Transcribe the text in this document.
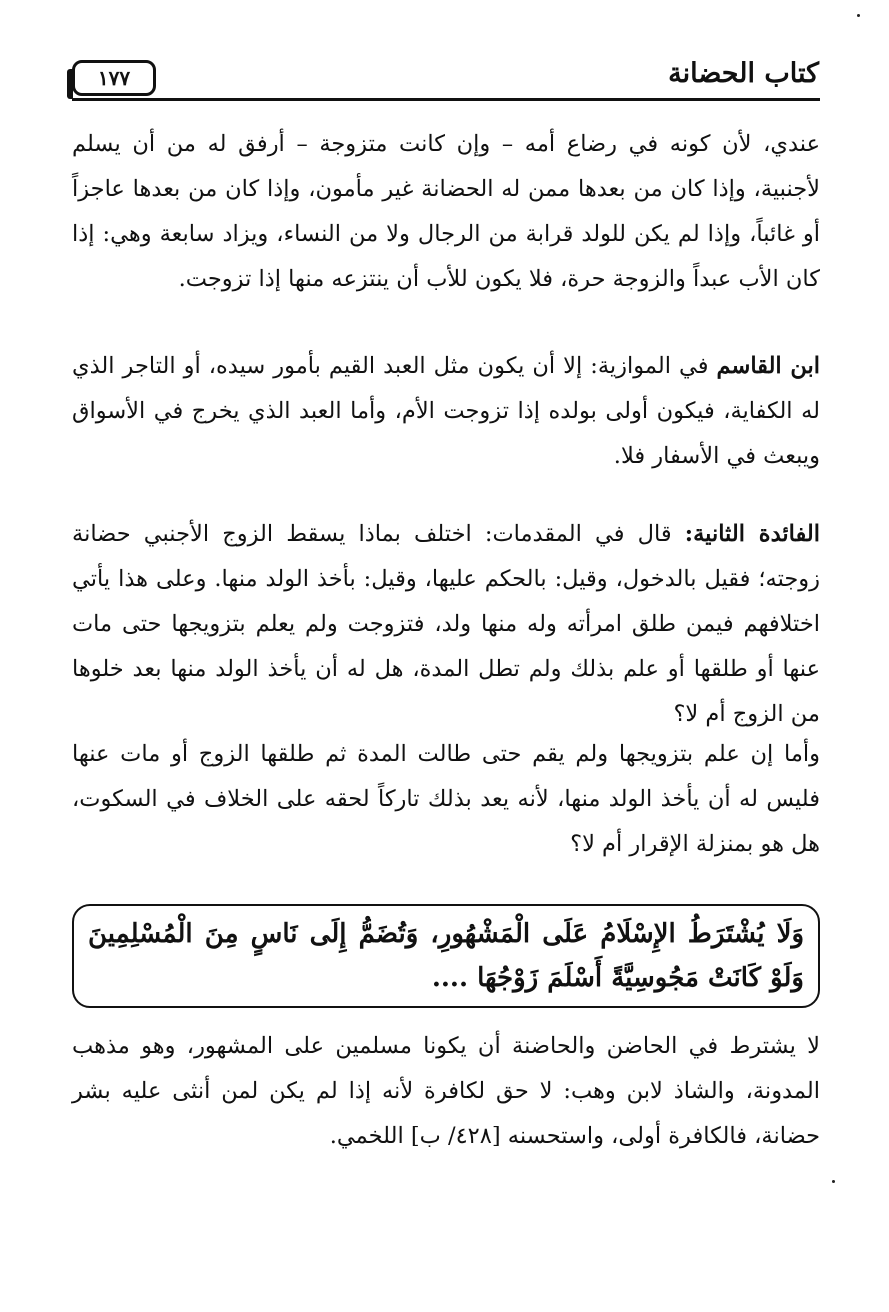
١٧٧	كتاب الحضانة

عندي، لأن كونه في رضاع أمه – وإن كانت متزوجة – أرفق له من أن يسلم لأجنبية، وإذا كان من بعدها ممن له الحضانة غير مأمون، وإذا كان من بعدها عاجزاً أو غائباً، وإذا لم يكن للولد قرابة من الرجال ولا من النساء، ويزاد سابعة وهي: إذا كان الأب عبداً والزوجة حرة، فلا يكون للأب أن ينتزعه منها إذا تزوجت.

ابن القاسم في الموازية: إلا أن يكون مثل العبد القيم بأمور سيده، أو التاجر الذي له الكفاية، فيكون أولى بولده إذا تزوجت الأم، وأما العبد الذي يخرج في الأسواق ويبعث في الأسفار فلا.

الفائدة الثانية: قال في المقدمات: اختلف بماذا يسقط الزوج الأجنبي حضانة زوجته؛ فقيل بالدخول، وقيل: بالحكم عليها، وقيل: بأخذ الولد منها. وعلى هذا يأتي اختلافهم فيمن طلق امرأته وله منها ولد، فتزوجت ولم يعلم بتزويجها حتى مات عنها أو طلقها أو علم بذلك ولم تطل المدة، هل له أن يأخذ الولد منها بعد خلوها من الزوج أم لا؟

وأما إن علم بتزويجها ولم يقم حتى طالت المدة ثم طلقها الزوج أو مات عنها فليس له أن يأخذ الولد منها، لأنه يعد بذلك تاركاً لحقه على الخلاف في السكوت، هل هو بمنزلة الإقرار أم لا؟

وَلَا يُشْتَرَطُ الإِسْلَامُ عَلَى الْمَشْهُورِ، وَتُضَمُّ إِلَى نَاسٍ مِنَ الْمُسْلِمِينَ وَلَوْ كَانَتْ مَجُوسِيَّةً أَسْلَمَ زَوْجُهَا ....

لا يشترط في الحاضن والحاضنة أن يكونا مسلمين على المشهور، وهو مذهب المدونة، والشاذ لابن وهب: لا حق لكافرة لأنه إذا لم يكن لمن أنثى عليه بشر حضانة، فالكافرة أولى، واستحسنه [٤٢٨/ ب] اللخمي.
